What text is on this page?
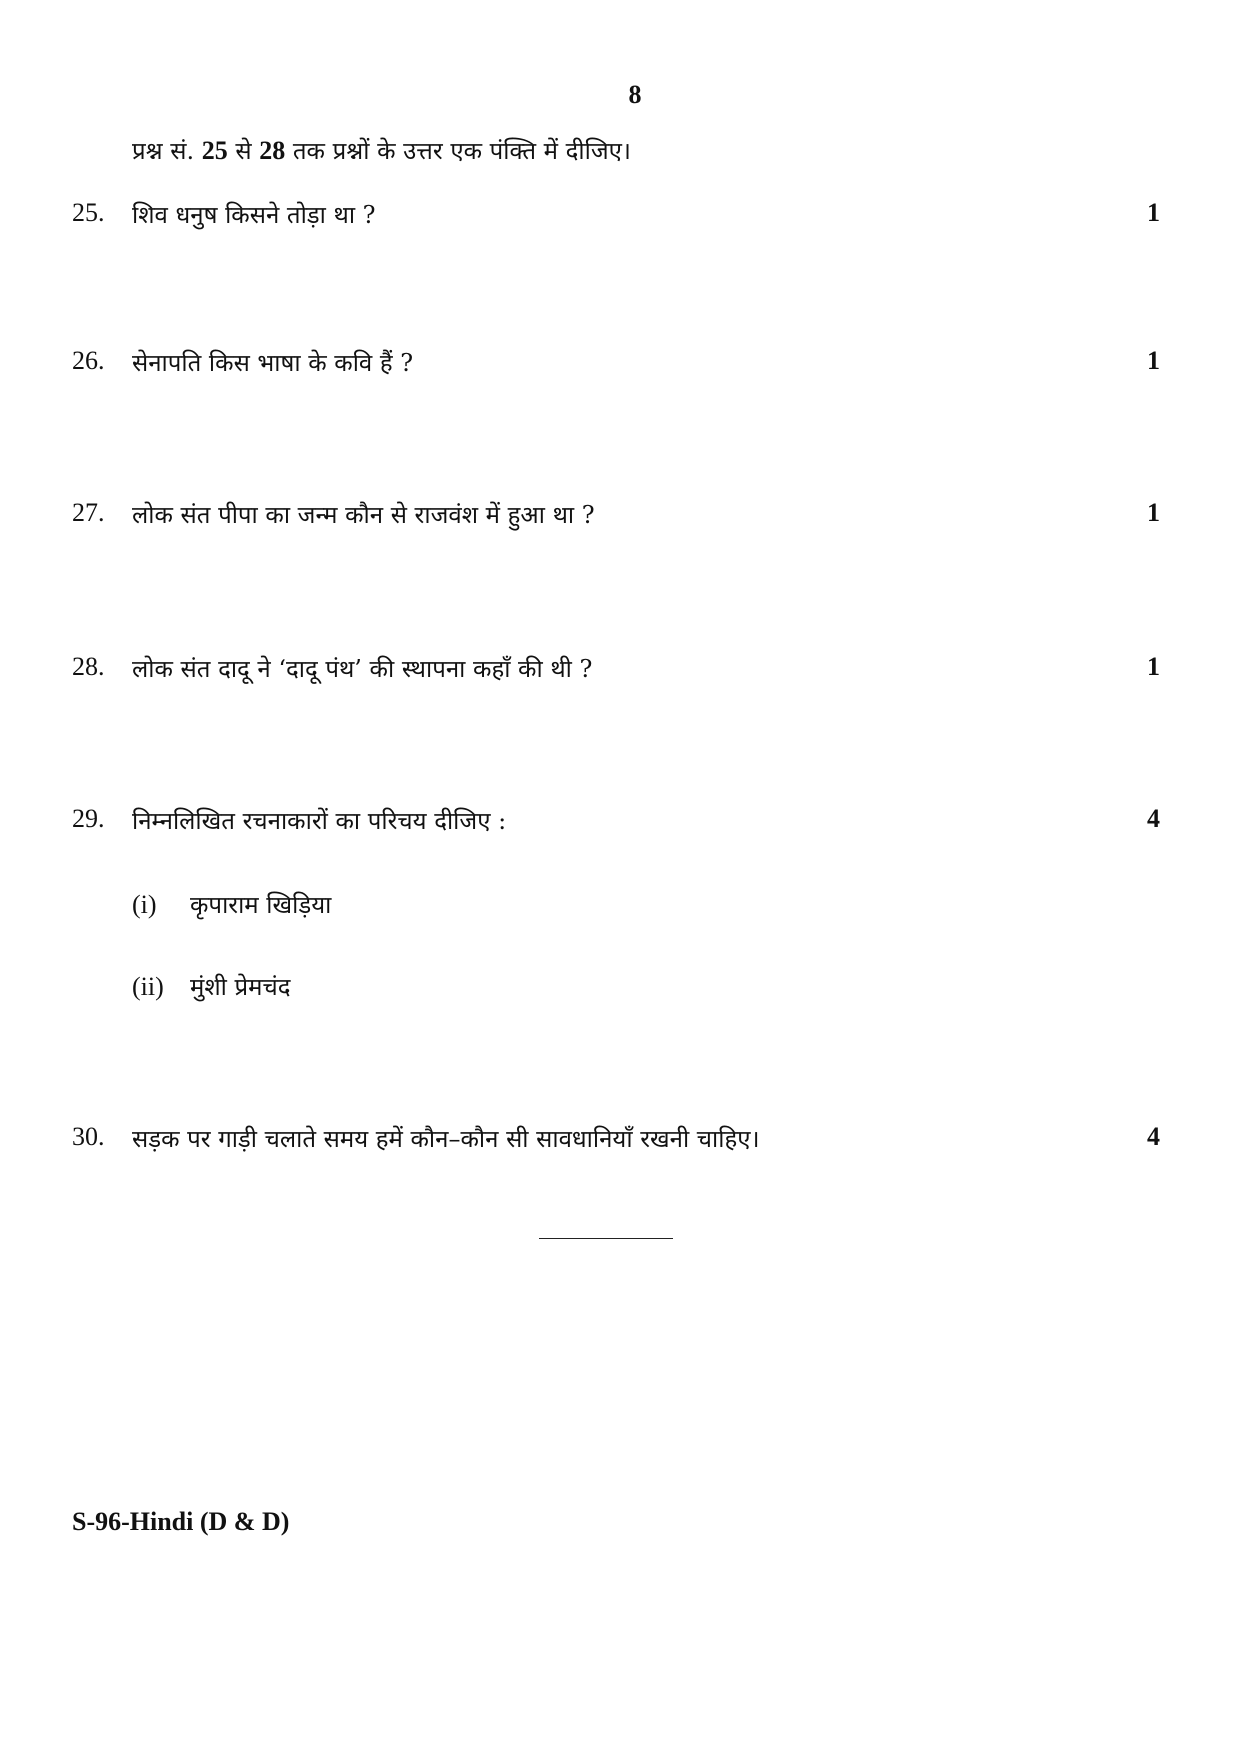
8
प्रश्न सं. 25 से 28 तक प्रश्नों के उत्तर एक पंक्ति में दीजिए।
25. शिव धनुष किसने तोड़ा था ?	1
26. सेनापति किस भाषा के कवि हैं ?	1
27. लोक संत पीपा का जन्म कौन से राजवंश में हुआ था ?	1
28. लोक संत दादू ने ‘दादू पंथ’ की स्थापना कहाँ की थी ?	1
29. निम्नलिखित रचनाकारों का परिचय दीजिए :	4
(i) कृपाराम खिड़िया
(ii) मुंशी प्रेमचंद
30. सड़क पर गाड़ी चलाते समय हमें कौन–कौन सी सावधानियाँ रखनी चाहिए।	4
S-96-Hindi (D & D)
